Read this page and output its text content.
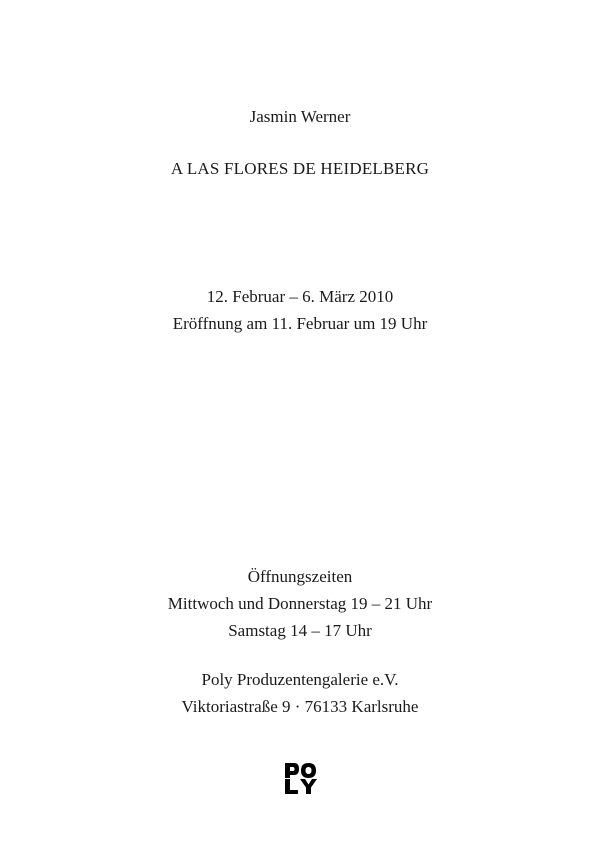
Jasmin Werner
A LAS FLORES DE HEIDELBERG
12. Februar – 6. März 2010
Eröffnung am 11. Februar um 19 Uhr
Öffnungszeiten
Mittwoch und Donnerstag 19 – 21 Uhr
Samstag 14 – 17 Uhr
Poly Produzentengalerie e.V.
Viktoriastraße 9 · 76133 Karlsruhe
